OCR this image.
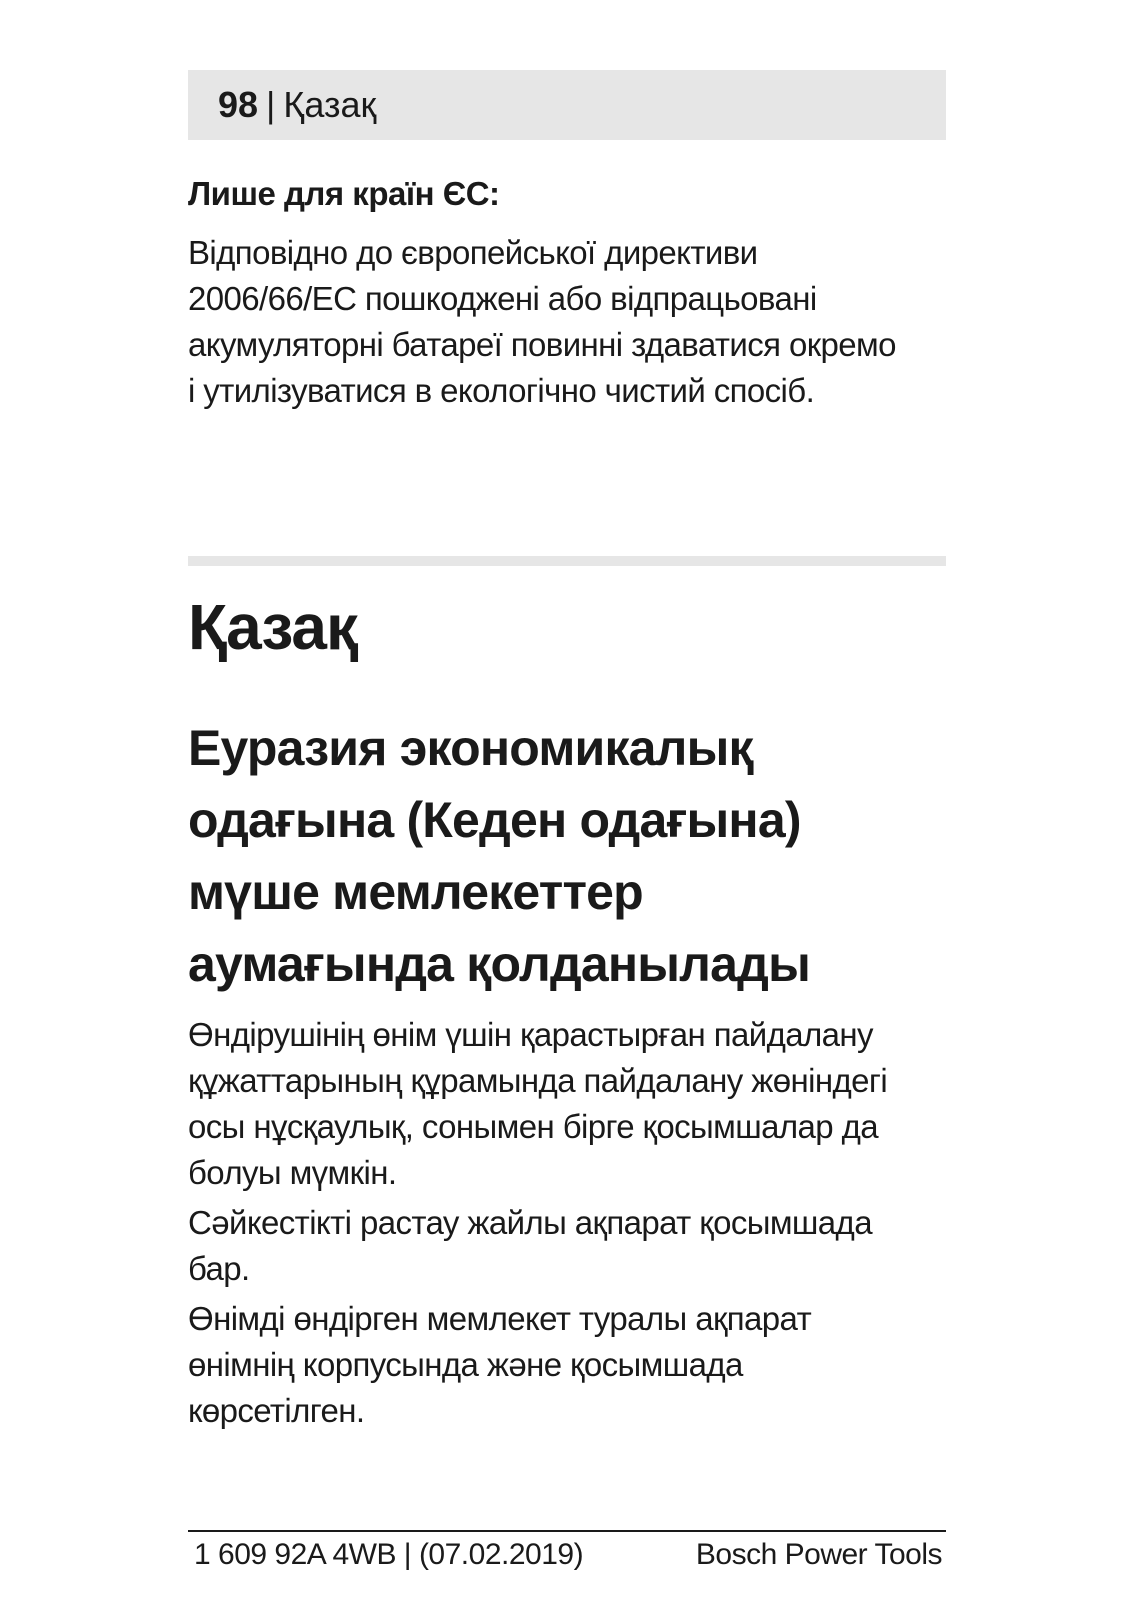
98 | Қазақ
Лише для країн ЄС:
Відповідно до європейської директиви
2006/66/EC пошкоджені або відпрацьовані
акумуляторні батареї повинні здаватися окремо
і утилізуватися в екологічно чистий спосіб.
Қазақ
Еуразия экономикалық
одағына (Кеден одағына)
мүше мемлекеттер
аумағында қолданылады

Өндірушінің өнім үшін қарастырған пайдалану
құжаттарының құрамында пайдалану жөніндегі
осы нұсқаулық, сонымен бірге қосымшалар да
болуы мүмкін.

Сәйкестікті растау жайлы ақпарат қосымшада
бар.

Өнімді өндірген мемлекет туралы ақпарат
өнімнің корпусында және қосымшада
көрсетілген.

1 609 92A 4WB | (07.02.2019)	Bosch Power Tools
